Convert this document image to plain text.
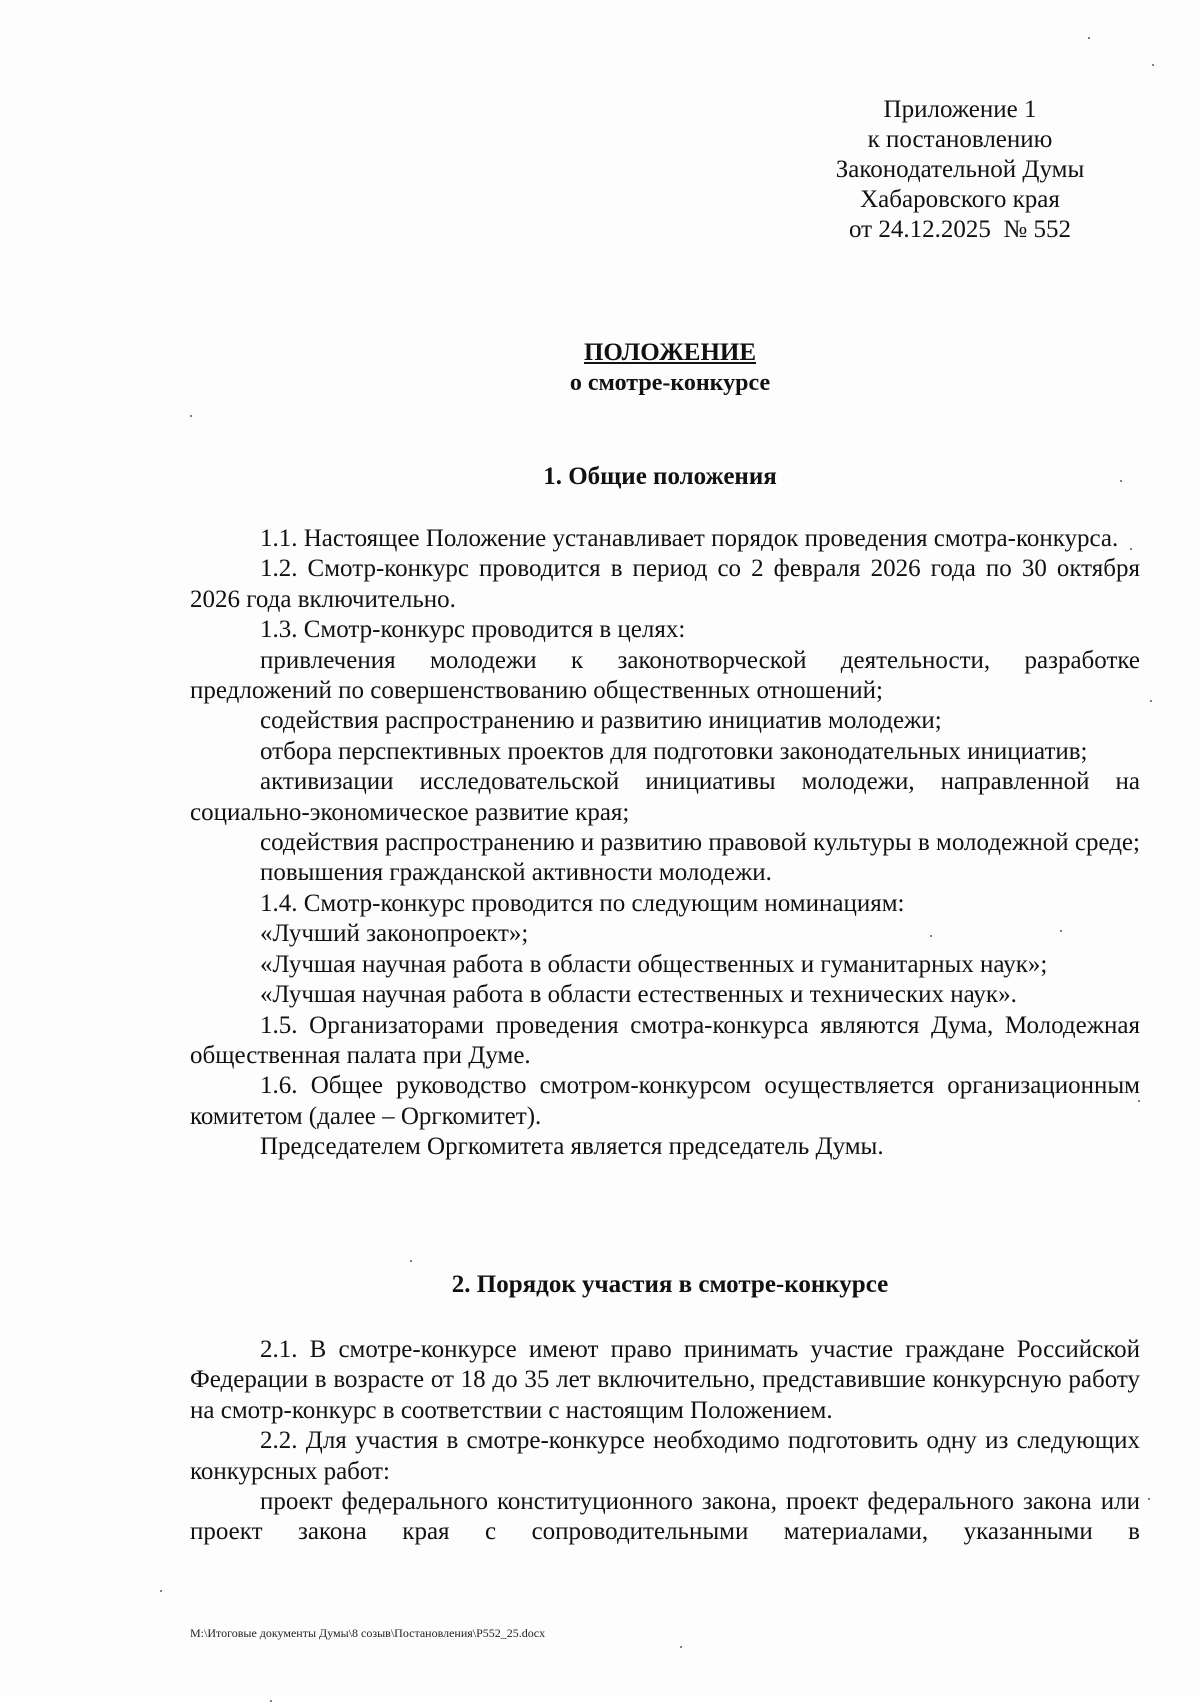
Приложение 1
к постановлению
Законодательной Думы
Хабаровского края
от 24.12.2025  № 552
ПОЛОЖЕНИЕ
о смотре-конкурсе
1. Общие положения

1.1. Настоящее Положение устанавливает порядок проведения смотра-конкурса.

1.2. Смотр-конкурс проводится в период со 2 февраля 2026 года по 30 октября 2026 года включительно.

1.3. Смотр-конкурс проводится в целях:

привлечения молодежи к законотворческой деятельности, разработке предложений по совершенствованию общественных отношений;

содействия распространению и развитию инициатив молодежи;

отбора перспективных проектов для подготовки законодательных инициатив;

активизации исследовательской инициативы молодежи, направленной на социально-экономическое развитие края;

содействия распространению и развитию правовой культуры в молодежной среде;

повышения гражданской активности молодежи.

1.4. Смотр-конкурс проводится по следующим номинациям:

«Лучший законопроект»;

«Лучшая научная работа в области общественных и гуманитарных наук»;

«Лучшая научная работа в области естественных и технических наук».

1.5. Организаторами проведения смотра-конкурса являются Дума, Молодежная общественная палата при Думе.

1.6. Общее руководство смотром-конкурсом осуществляется организационным комитетом (далее – Оргкомитет).

Председателем Оргкомитета является председатель Думы.

2. Порядок участия в смотре-конкурсе

2.1. В смотре-конкурсе имеют право принимать участие граждане Российской Федерации в возрасте от 18 до 35 лет включительно, представившие конкурсную работу на смотр-конкурс в соответствии с настоящим Положением.

2.2. Для участия в смотре-конкурсе необходимо подготовить одну из следующих конкурсных работ:

проект федерального конституционного закона, проект федерального закона или проект закона края с сопроводительными материалами, указанными в

M:\Итоговые документы Думы\8 созыв\Постановления\P552_25.docx
